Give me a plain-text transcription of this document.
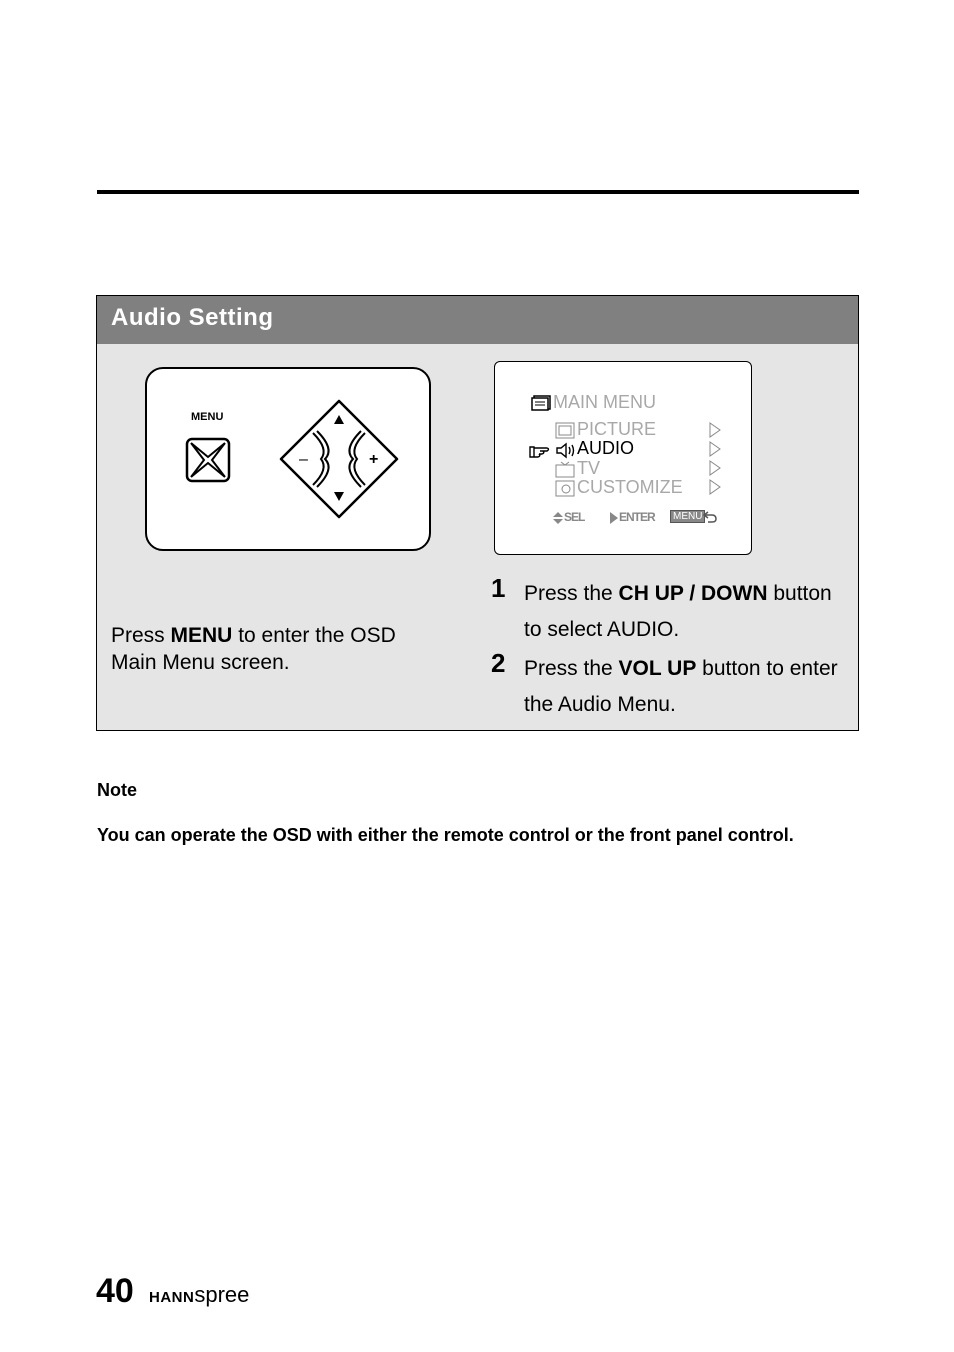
Audio Setting
MENU
–	+
MAIN MENU
PICTURE
AUDIO
TV
CUSTOMIZE
SEL	ENTER	MENU
Press MENU to enter the OSD Main Menu screen.
1 Press the CH UP / DOWN button to select AUDIO.
2 Press the VOL UP button to enter the Audio Menu.
Note
You can operate the OSD with either the remote control or the front panel control.
40 HANNspree
